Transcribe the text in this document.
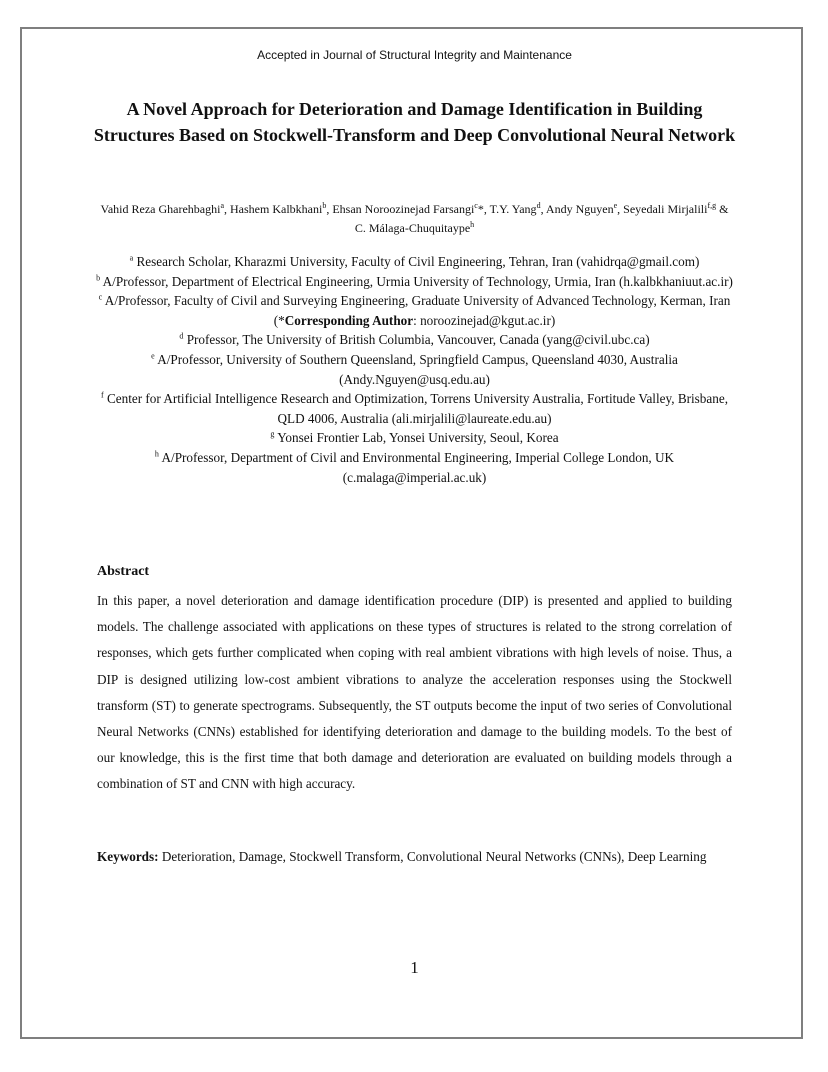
Accepted in Journal of Structural Integrity and Maintenance
A Novel Approach for Deterioration and Damage Identification in Building Structures Based on Stockwell-Transform and Deep Convolutional Neural Network
Vahid Reza Gharehbaghi$^a$, Hashem Kalbkhani$^b$, Ehsan Noroozinejad Farsangi$^c$*, T.Y. Yang$^d$, Andy Nguyen$^e$, Seyedali Mirjalili$^{f,g}$ & C. Málaga-Chuquitaype$^h$

$^a$ Research Scholar, Kharazmi University, Faculty of Civil Engineering, Tehran, Iran (vahidrqa@gmail.com)

$^b$ A/Professor, Department of Electrical Engineering, Urmia University of Technology, Urmia, Iran (h.kalbkhaniuut.ac.ir)

$^c$ A/Professor, Faculty of Civil and Surveying Engineering, Graduate University of Advanced Technology, Kerman, Iran (*Corresponding Author: noroozinejad@kgut.ac.ir)

$^d$ Professor, The University of British Columbia, Vancouver, Canada (yang@civil.ubc.ca)

$^e$ A/Professor, University of Southern Queensland, Springfield Campus, Queensland 4030, Australia (Andy.Nguyen@usq.edu.au)

$^f$ Center for Artificial Intelligence Research and Optimization, Torrens University Australia, Fortitude Valley, Brisbane, QLD 4006, Australia (ali.mirjalili@laureate.edu.au)

$^g$ Yonsei Frontier Lab, Yonsei University, Seoul, Korea

$^h$ A/Professor, Department of Civil and Environmental Engineering, Imperial College London, UK (c.malaga@imperial.ac.uk)

Abstract
In this paper, a novel deterioration and damage identification procedure (DIP) is presented and applied to building models. The challenge associated with applications on these types of structures is related to the strong correlation of responses, which gets further complicated when coping with real ambient vibrations with high levels of noise. Thus, a DIP is designed utilizing low-cost ambient vibrations to analyze the acceleration responses using the Stockwell transform (ST) to generate spectrograms. Subsequently, the ST outputs become the input of two series of Convolutional Neural Networks (CNNs) established for identifying deterioration and damage to the building models. To the best of our knowledge, this is the first time that both damage and deterioration are evaluated on building models through a combination of ST and CNN with high accuracy.
Keywords: Deterioration, Damage, Stockwell Transform, Convolutional Neural Networks (CNNs), Deep Learning
1
